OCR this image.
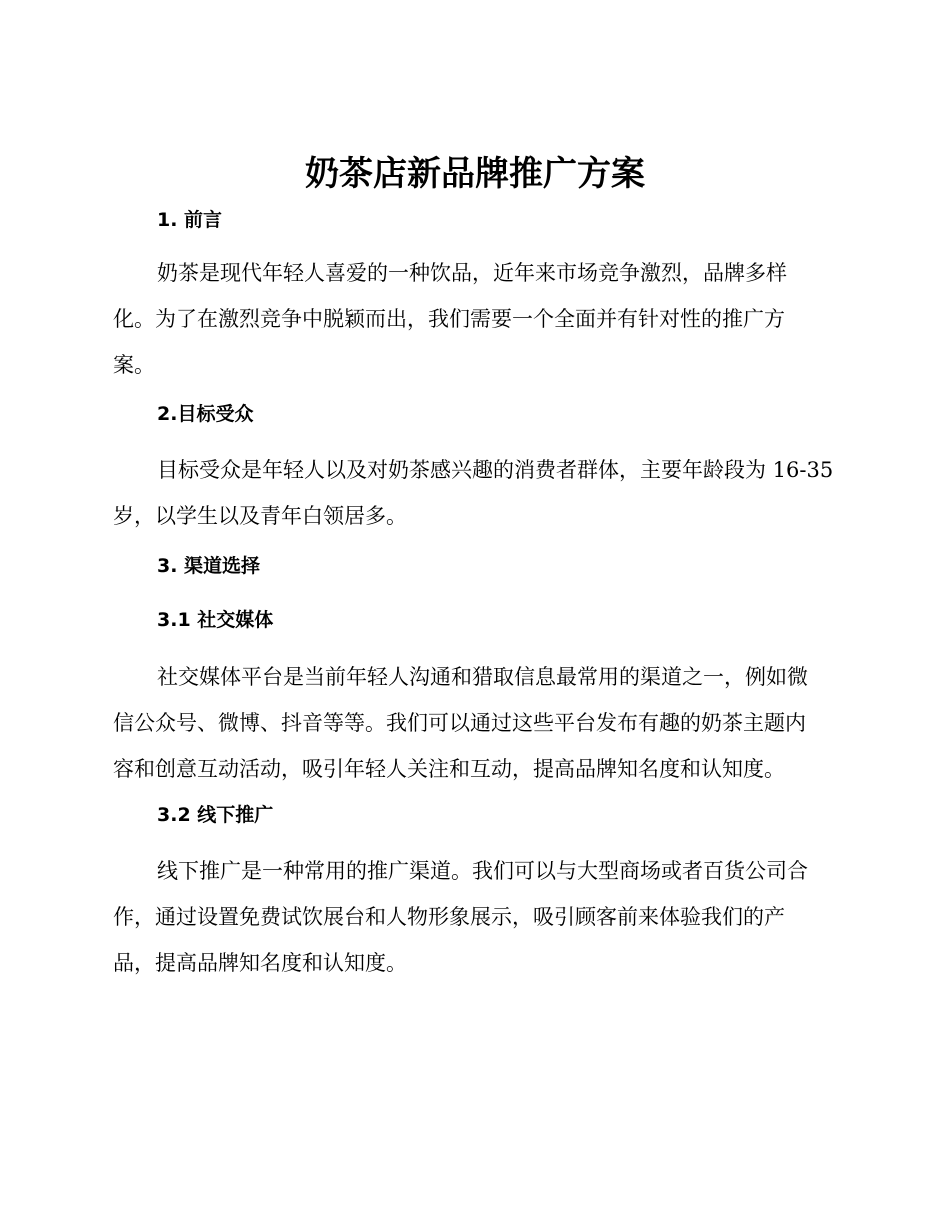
奶茶店新品牌推广方案
1. 前言

奶茶是现代年轻人喜爱的一种饮品，近年来市场竞争激烈，品牌多样
化。为了在激烈竞争中脱颖而出，我们需要一个全面并有针对性的推广方
案。

2.目标受众

目标受众是年轻人以及对奶茶感兴趣的消费者群体，主要年龄段为 16-35
岁，以学生以及青年白领居多。

3. 渠道选择
3.1 社交媒体

社交媒体平台是当前年轻人沟通和猎取信息最常用的渠道之一，例如微
信公众号、微博、抖音等等。我们可以通过这些平台发布有趣的奶茶主题内
容和创意互动活动，吸引年轻人关注和互动，提高品牌知名度和认知度。

3.2 线下推广

线下推广是一种常用的推广渠道。我们可以与大型商场或者百货公司合
作，通过设置免费试饮展台和人物形象展示，吸引顾客前来体验我们的产
品，提高品牌知名度和认知度。
